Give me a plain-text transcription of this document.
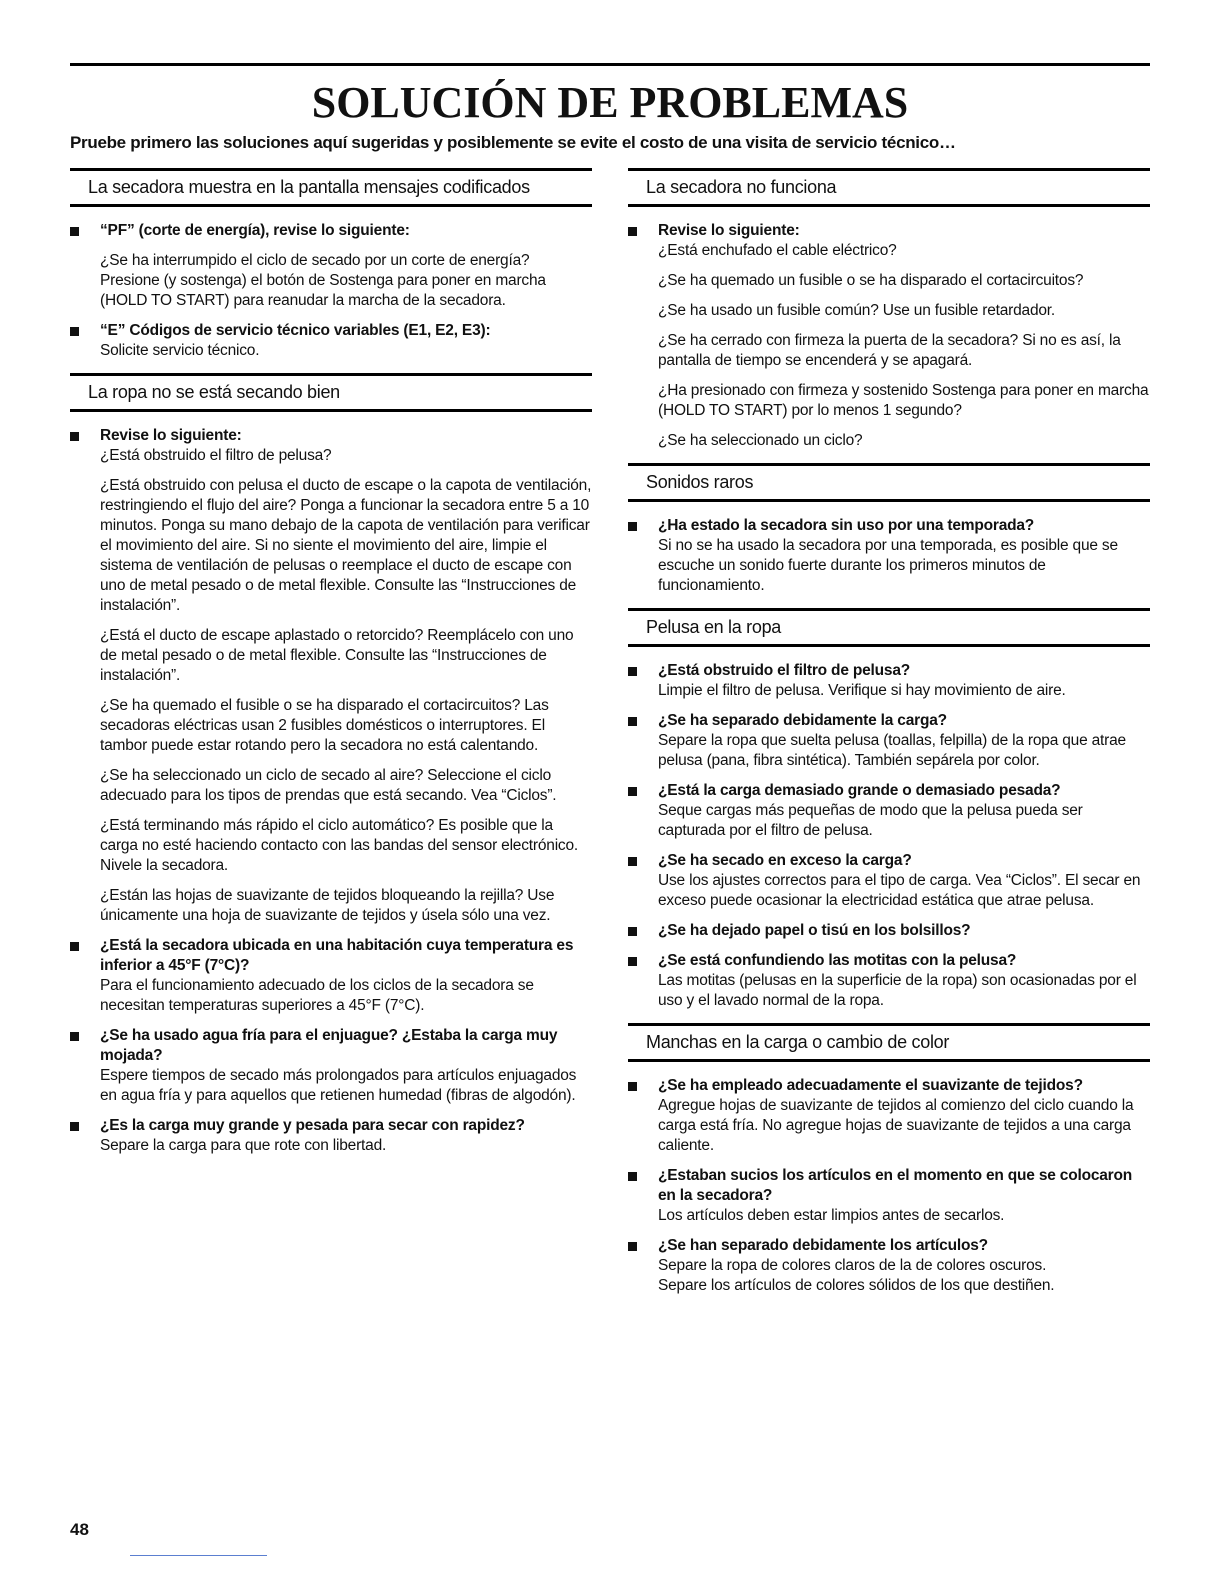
SOLUCIÓN DE PROBLEMAS
Pruebe primero las soluciones aquí sugeridas y posiblemente se evite el costo de una visita de servicio técnico…
La secadora muestra en la pantalla mensajes codificados
“PF” (corte de energía), revise lo siguiente:
¿Se ha interrumpido el ciclo de secado por un corte de energía?
Presione (y sostenga) el botón de Sostenga para poner en marcha (HOLD TO START) para reanudar la marcha de la secadora.
“E” Códigos de servicio técnico variables (E1, E2, E3):
Solicite servicio técnico.
La ropa no se está secando bien
Revise lo siguiente:
¿Está obstruido el filtro de pelusa?
¿Está obstruido con pelusa el ducto de escape o la capota de ventilación, restringiendo el flujo del aire? Ponga a funcionar la secadora entre 5 a 10 minutos. Ponga su mano debajo de la capota de ventilación para verificar el movimiento del aire. Si no siente el movimiento del aire, limpie el sistema de ventilación de pelusas o reemplace el ducto de escape con uno de metal pesado o de metal flexible. Consulte las “Instrucciones de instalación”.
¿Está el ducto de escape aplastado o retorcido? Reemplácelo con uno de metal pesado o de metal flexible. Consulte las “Instrucciones de instalación”.
¿Se ha quemado el fusible o se ha disparado el cortacircuitos? Las secadoras eléctricas usan 2 fusibles domésticos o interruptores. El tambor puede estar rotando pero la secadora no está calentando.
¿Se ha seleccionado un ciclo de secado al aire? Seleccione el ciclo adecuado para los tipos de prendas que está secando. Vea “Ciclos”.
¿Está terminando más rápido el ciclo automático? Es posible que la carga no esté haciendo contacto con las bandas del sensor electrónico. Nivele la secadora.
¿Están las hojas de suavizante de tejidos bloqueando la rejilla? Use únicamente una hoja de suavizante de tejidos y úsela sólo una vez.
¿Está la secadora ubicada en una habitación cuya temperatura es inferior a 45°F (7°C)?
Para el funcionamiento adecuado de los ciclos de la secadora se necesitan temperaturas superiores a 45°F (7°C).
¿Se ha usado agua fría para el enjuague? ¿Estaba la carga muy mojada?
Espere tiempos de secado más prolongados para artículos enjuagados en agua fría y para aquellos que retienen humedad (fibras de algodón).
¿Es la carga muy grande y pesada para secar con rapidez?
Separe la carga para que rote con libertad.
La secadora no funciona
Revise lo siguiente:
¿Está enchufado el cable eléctrico?
¿Se ha quemado un fusible o se ha disparado el cortacircuitos?
¿Se ha usado un fusible común? Use un fusible retardador.
¿Se ha cerrado con firmeza la puerta de la secadora? Si no es así, la pantalla de tiempo se encenderá y se apagará.
¿Ha presionado con firmeza y sostenido Sostenga para poner en marcha (HOLD TO START) por lo menos 1 segundo?
¿Se ha seleccionado un ciclo?
Sonidos raros
¿Ha estado la secadora sin uso por una temporada?
Si no se ha usado la secadora por una temporada, es posible que se escuche un sonido fuerte durante los primeros minutos de funcionamiento.
Pelusa en la ropa
¿Está obstruido el filtro de pelusa?
Limpie el filtro de pelusa. Verifique si hay movimiento de aire.
¿Se ha separado debidamente la carga?
Separe la ropa que suelta pelusa (toallas, felpilla) de la ropa que atrae pelusa (pana, fibra sintética). También sepárela por color.
¿Está la carga demasiado grande o demasiado pesada?
Seque cargas más pequeñas de modo que la pelusa pueda ser capturada por el filtro de pelusa.
¿Se ha secado en exceso la carga?
Use los ajustes correctos para el tipo de carga. Vea “Ciclos”. El secar en exceso puede ocasionar la electricidad estática que atrae pelusa.
¿Se ha dejado papel o tisú en los bolsillos?
¿Se está confundiendo las motitas con la pelusa?
Las motitas (pelusas en la superficie de la ropa) son ocasionadas por el uso y el lavado normal de la ropa.
Manchas en la carga o cambio de color
¿Se ha empleado adecuadamente el suavizante de tejidos?
Agregue hojas de suavizante de tejidos al comienzo del ciclo cuando la carga está fría. No agregue hojas de suavizante de tejidos a una carga caliente.
¿Estaban sucios los artículos en el momento en que se colocaron en la secadora?
Los artículos deben estar limpios antes de secarlos.
¿Se han separado debidamente los artículos?
Separe la ropa de colores claros de la de colores oscuros.
Separe los artículos de colores sólidos de los que destiñen.
48
